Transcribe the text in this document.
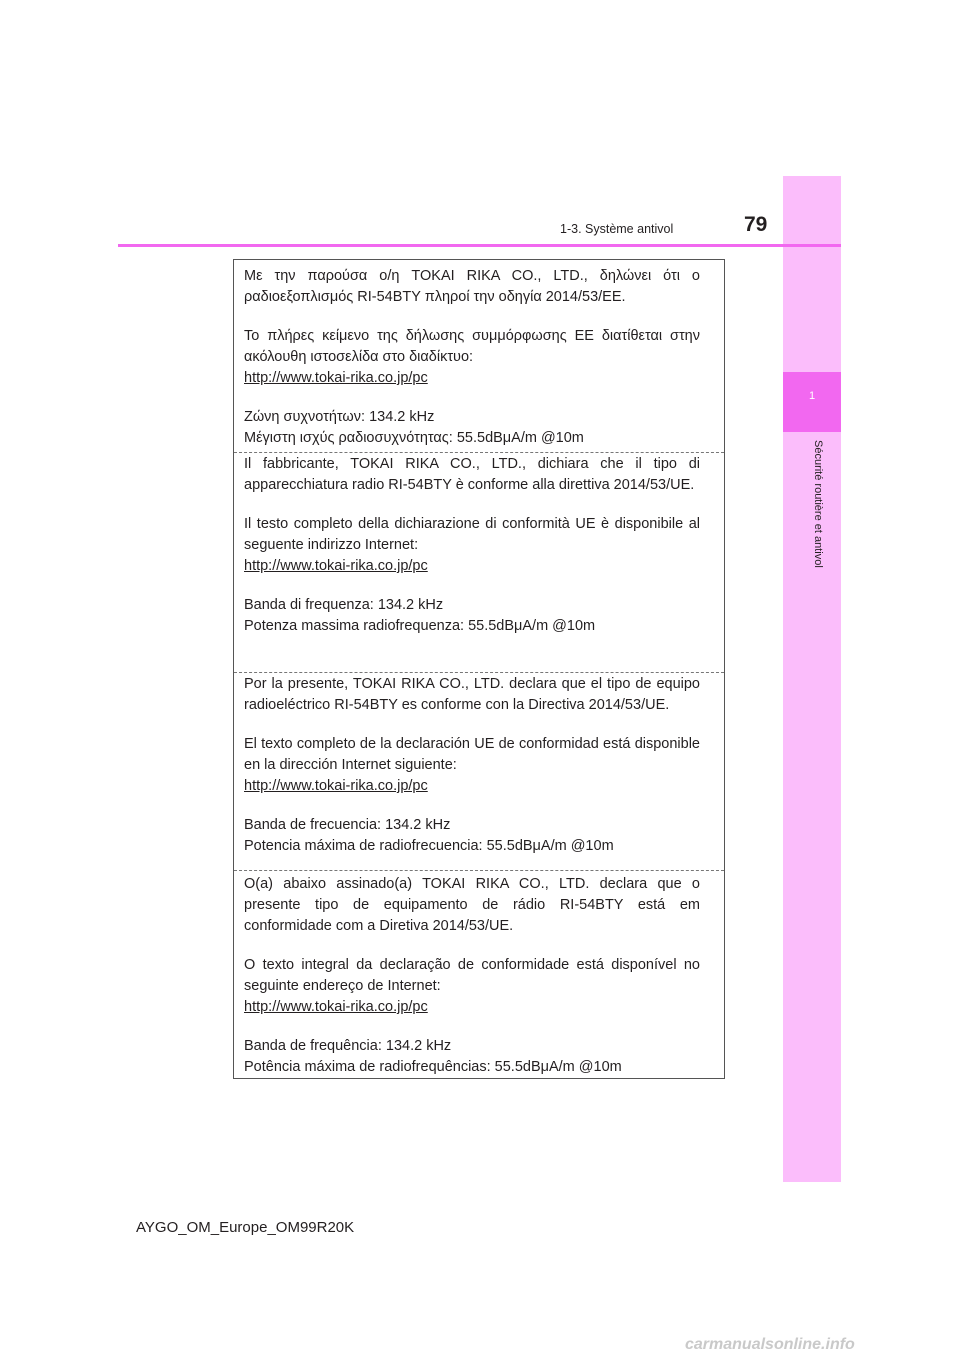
1
Sécurité routière et antivol
1-3. Système antivol	79

Με την παρούσα ο/η TOKAI RIKA CO., LTD., δηλώνει ότι ο ραδιοεξοπλισμός RI-54BTY πληροί την οδηγία 2014/53/ΕΕ.

Το πλήρες κείμενο της δήλωσης συμμόρφωσης ΕΕ διατίθεται στην ακόλουθη ιστοσελίδα στο διαδίκτυο:

http://www.tokai-rika.co.jp/pc

Ζώνη συχνοτήτων: 134.2 kHz

Μέγιστη ισχύς ραδιοσυχνότητας: 55.5dBμA/m @10m

Il fabbricante, TOKAI RIKA CO., LTD., dichiara che il tipo di apparecchiatura radio RI-54BTY è conforme alla direttiva 2014/53/UE.

Il testo completo della dichiarazione di conformità UE è disponibile al seguente indirizzo Internet:

http://www.tokai-rika.co.jp/pc

Banda di frequenza: 134.2 kHz

Potenza massima radiofrequenza: 55.5dBμA/m @10m

Por la presente, TOKAI RIKA CO., LTD. declara que el tipo de equipo radioeléctrico RI-54BTY es conforme con la Directiva 2014/53/UE.

El texto completo de la declaración UE de conformidad está disponible en la dirección Internet siguiente:

http://www.tokai-rika.co.jp/pc

Banda de frecuencia: 134.2 kHz

Potencia máxima de radiofrecuencia: 55.5dBμA/m @10m

O(a) abaixo assinado(a) TOKAI RIKA CO., LTD. declara que o presente tipo de equipamento de rádio RI-54BTY está em conformidade com a Diretiva 2014/53/UE.

O texto integral da declaração de conformidade está disponível no seguinte endereço de Internet:

http://www.tokai-rika.co.jp/pc

Banda de frequência: 134.2 kHz

Potência máxima de radiofrequências: 55.5dBμA/m @10m

AYGO_OM_Europe_OM99R20K
carmanualsonline.info
